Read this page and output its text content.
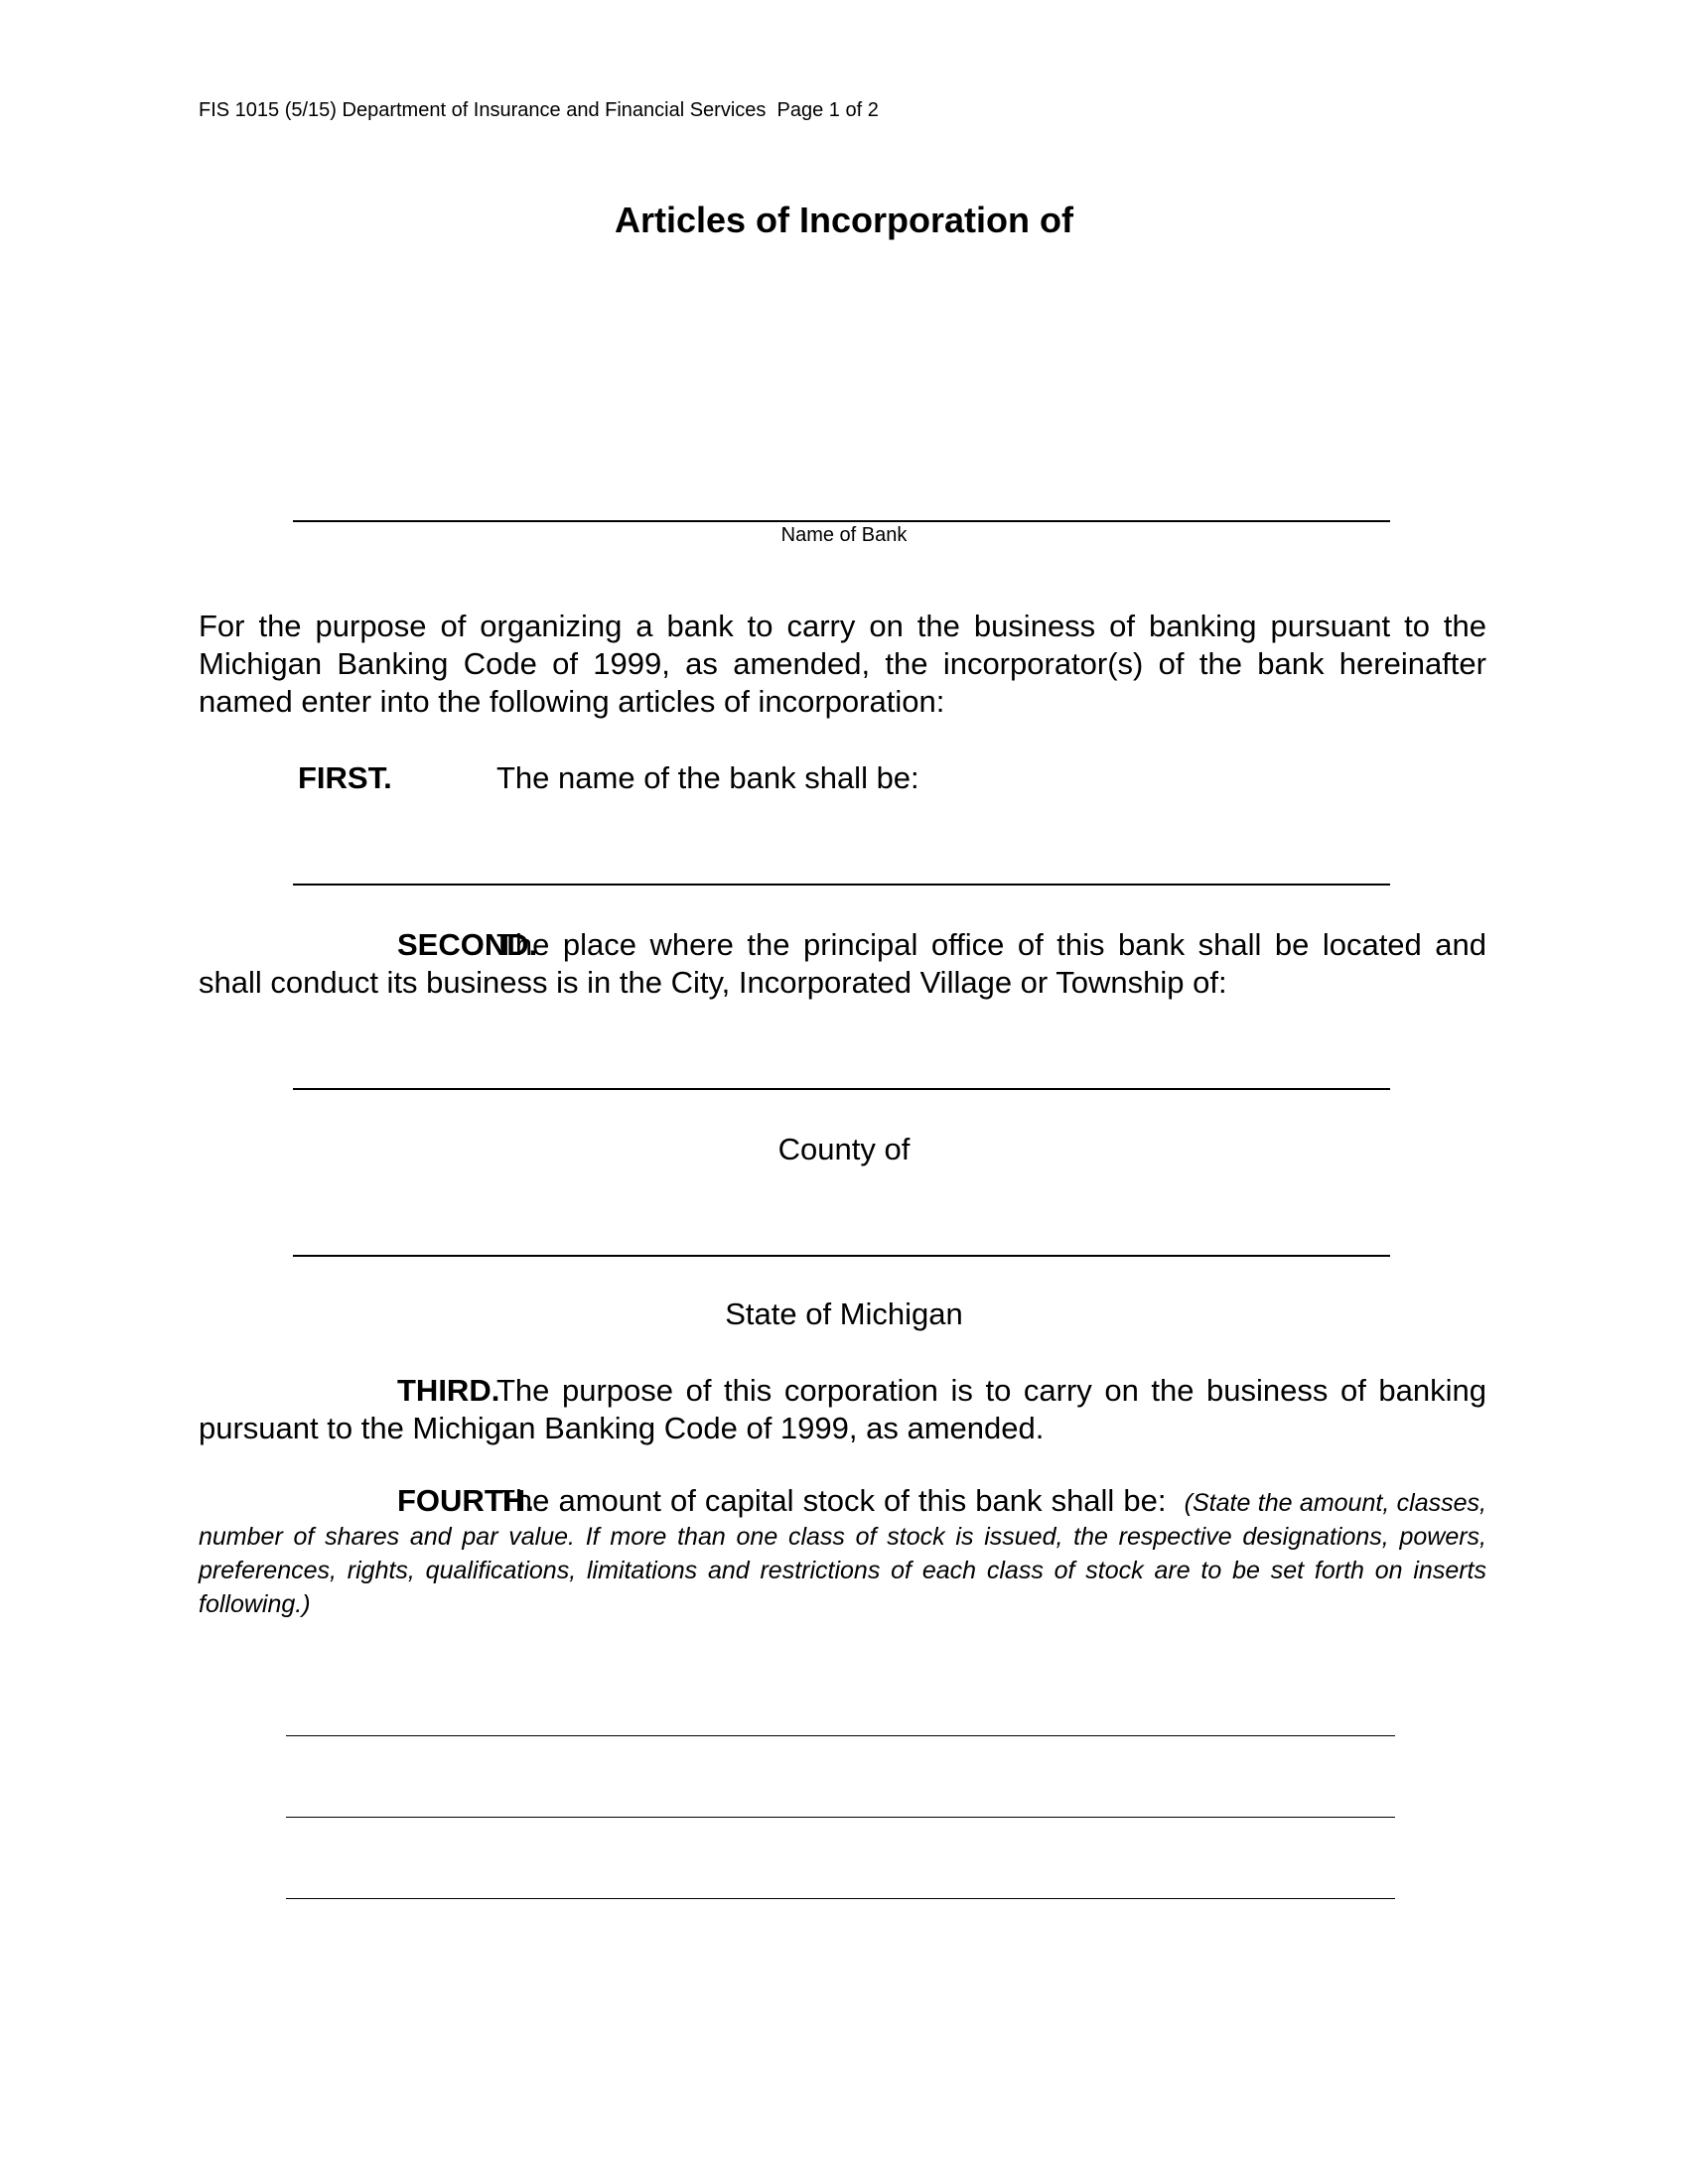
FIS 1015 (5/15) Department of Insurance and Financial Services  Page 1 of 2
Articles of Incorporation of
Name of Bank
For the purpose of organizing a bank to carry on the business of banking pursuant to the Michigan Banking Code of 1999, as amended, the incorporator(s) of the bank hereinafter named enter into the following articles of incorporation:
FIRST.	The name of the bank shall be:
SECOND.The place where the principal office of this bank shall be located and shall conduct its business is in the City, Incorporated Village or Township of:
County of
State of Michigan
THIRD.The purpose of this corporation is to carry on the business of banking pursuant to the Michigan Banking Code of 1999, as amended.
FOURTH.The amount of capital stock of this bank shall be: (State the amount, classes, number of shares and par value. If more than one class of stock is issued, the respective designations, powers, preferences, rights, qualifications, limitations and restrictions of each class of stock are to be set forth on inserts following.)
